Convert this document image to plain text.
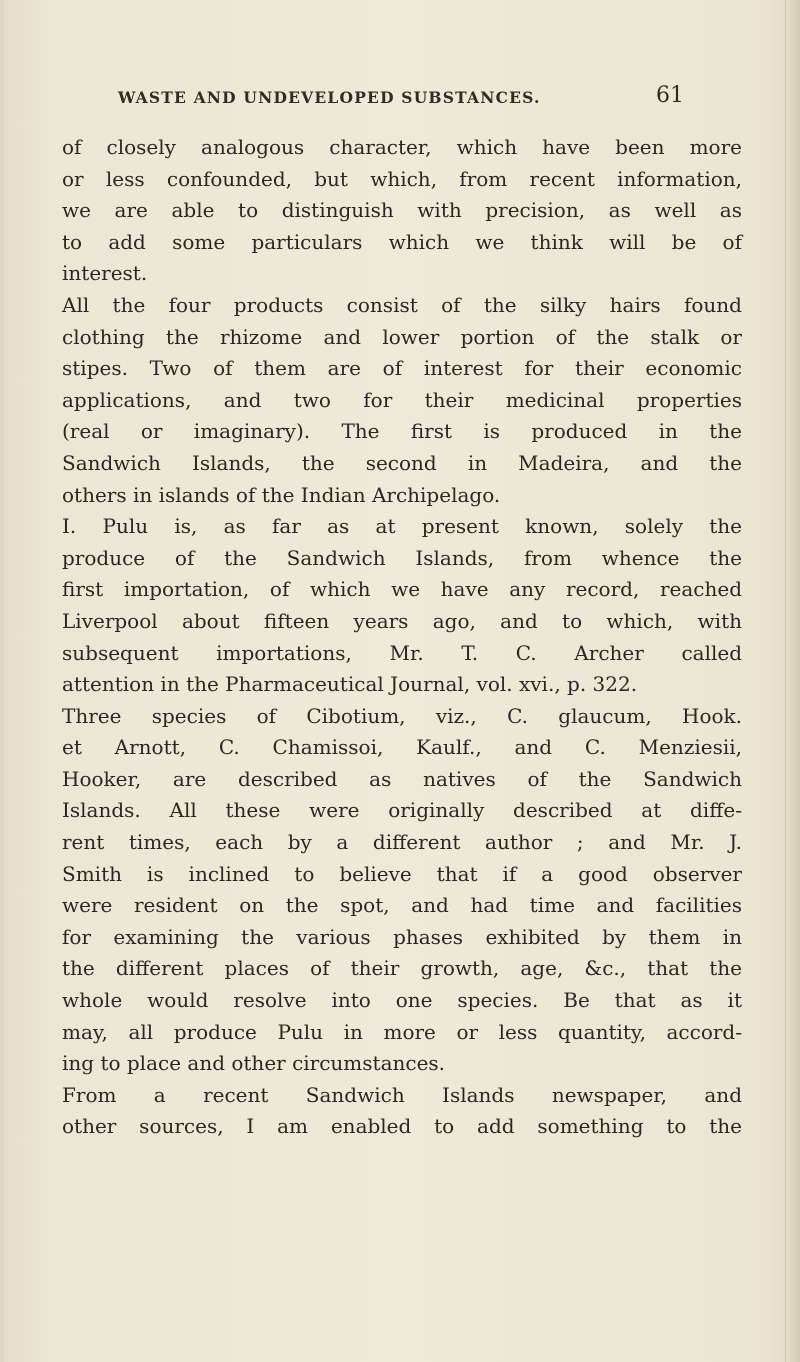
WASTE AND UNDEVELOPED SUBSTANCES.	61
of closely analogous character, which have been more
or less confounded, but which, from recent information,
we are able to distinguish with precision, as well as
to add some particulars which we think will be of
interest.
All the four products consist of the silky hairs found
clothing the rhizome and lower portion of the stalk or
stipes. Two of them are of interest for their economic
applications, and two for their medicinal properties
(real or imaginary). The first is produced in the
Sandwich Islands, the second in Madeira, and the
others in islands of the Indian Archipelago.
I. Pulu is, as far as at present known, solely the
produce of the Sandwich Islands, from whence the
first importation, of which we have any record, reached
Liverpool about fifteen years ago, and to which, with
subsequent importations, Mr. T. C. Archer called
attention in the Pharmaceutical Journal, vol. xvi., p. 322.
Three species of Cibotium, viz., C. glaucum, Hook.
et Arnott, C. Chamissoi, Kaulf., and C. Menziesii,
Hooker, are described as natives of the Sandwich
Islands. All these were originally described at diffe-
rent times, each by a different author ; and Mr. J.
Smith is inclined to believe that if a good observer
were resident on the spot, and had time and facilities
for examining the various phases exhibited by them in
the different places of their growth, age, &c., that the
whole would resolve into one species. Be that as it
may, all produce Pulu in more or less quantity, accord-
ing to place and other circumstances.
From a recent Sandwich Islands newspaper, and
other sources, I am enabled to add something to the
